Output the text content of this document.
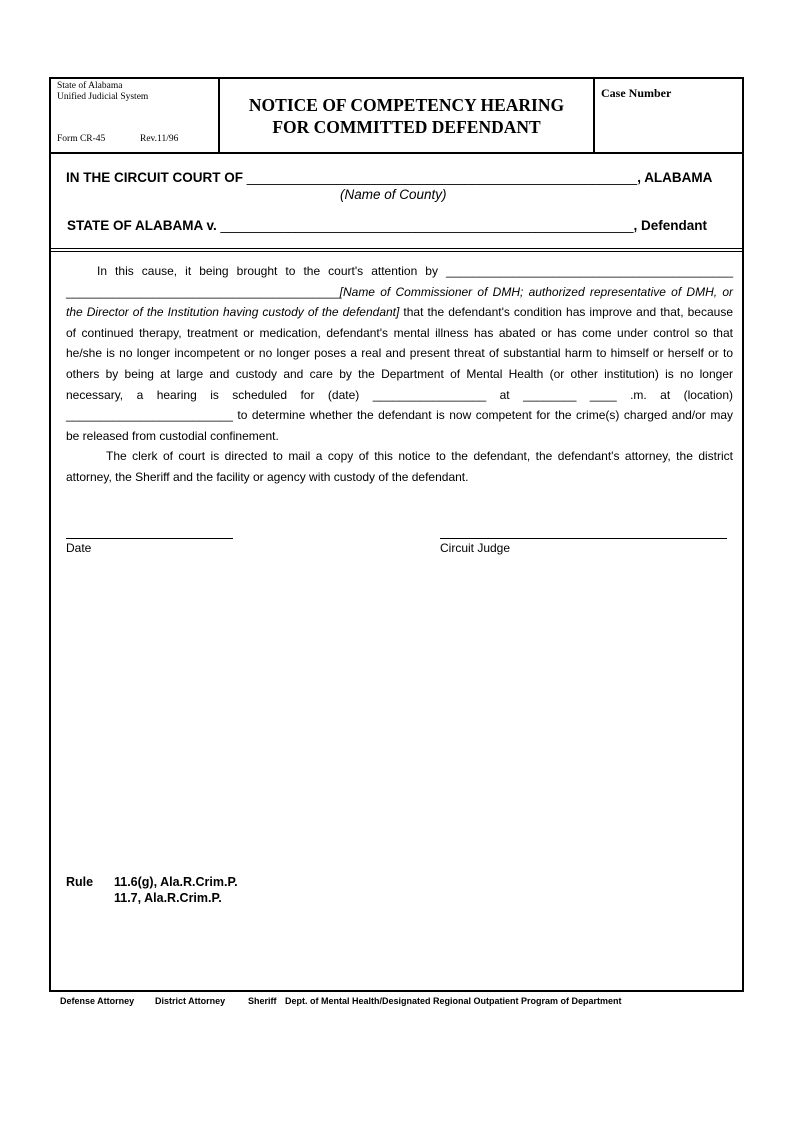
State of Alabama
Unified Judicial System
Form CR-45	Rev.11/96
NOTICE OF COMPETENCY HEARING
FOR COMMITTED DEFENDANT
Case Number
IN THE CIRCUIT COURT OF ____________________________________________________, ALABAMA
(Name of County)
STATE OF ALABAMA v. _______________________________________________________, Defendant

In this cause, it being brought to the court's attention by ___________________________________________ _________________________________________[Name of Commissioner of DMH; authorized representative of DMH, or the Director of the Institution having custody of the defendant] that the defendant's condition has improve and that, because of continued therapy, treatment or medication, defendant's mental illness has abated or has come under control so that he/she is no longer incompetent or no longer poses a real and present threat of substantial harm to himself or herself or to others by being at large and custody and care by the Department of Mental Health (or other institution) is no longer necessary, a hearing is scheduled for (date) _________________ at ________ ____ .m. at (location) _________________________ to determine whether the defendant is now competent for the crime(s) charged and/or may be released from custodial confinement.

The clerk of court is directed to mail a copy of this notice to the defendant, the defendant's attorney, the district attorney, the Sheriff and the facility or agency with custody of the defendant.

Date	Circuit Judge
Rule 11.6(g), Ala.R.Crim.P.
11.7, Ala.R.Crim.P.
Defense Attorney District Attorney	Sheriff Dept. of Mental Health/Designated Regional Outpatient Program of Department
